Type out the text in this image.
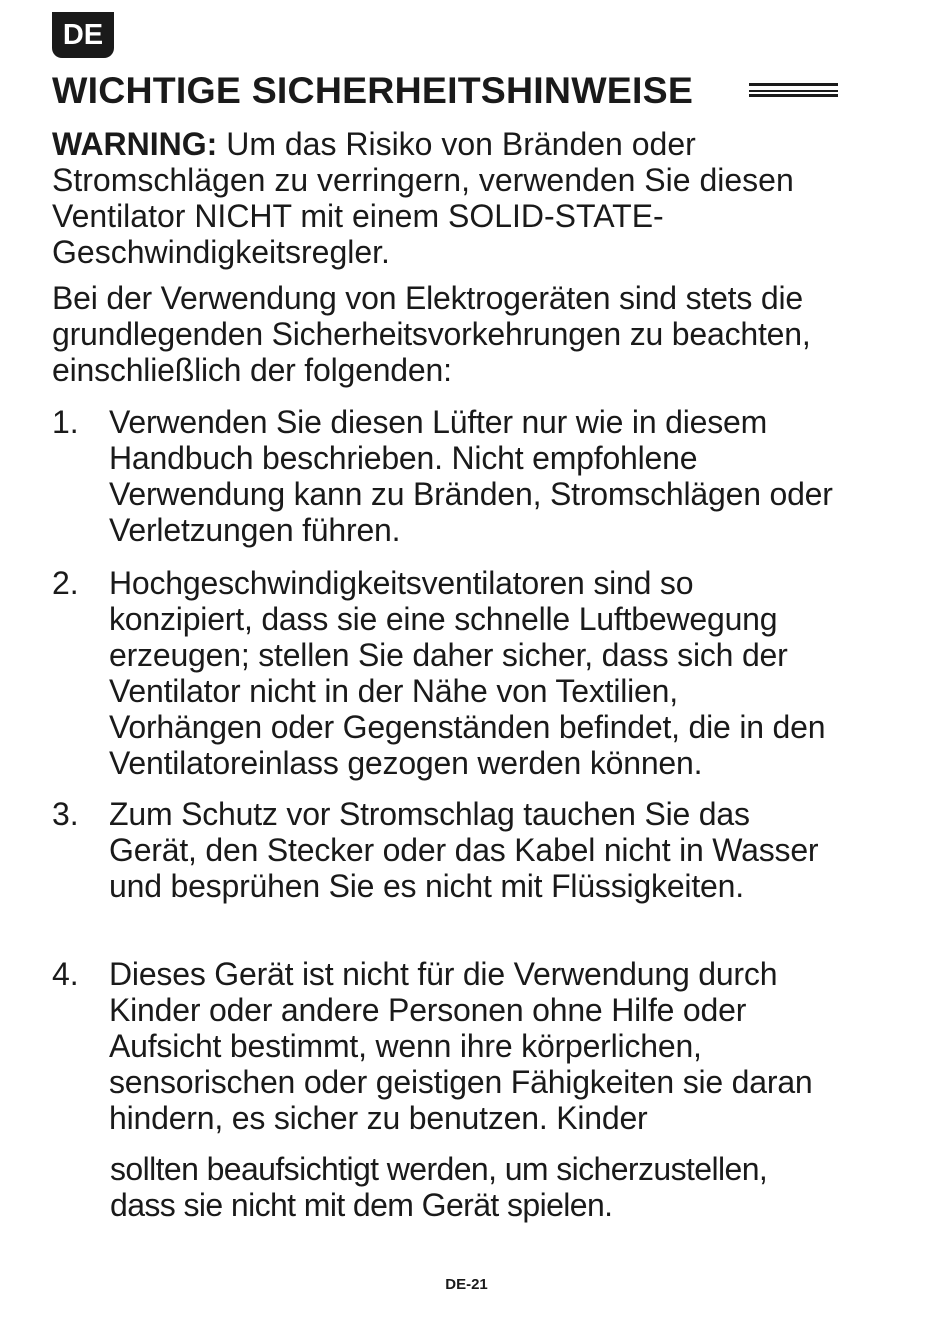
DE
WICHTIGE SICHERHEITSHINWEISE

WARNING: Um das Risiko von Bränden oder Stromschlägen zu verringern, verwenden Sie diesen Ventilator NICHT mit einem SOLID-STATE-Geschwindigkeitsregler.

Bei der Verwendung von Elektrogeräten sind stets die grundlegenden Sicherheitsvorkehrungen zu beachten, einschließlich der folgenden:

1. Verwenden Sie diesen Lüfter nur wie in diesem Handbuch beschrieben. Nicht empfohlene Verwendung kann zu Bränden, Stromschlägen oder Verletzungen führen.
2. Hochgeschwindigkeitsventilatoren sind so konzipiert, dass sie eine schnelle Luftbewegung erzeugen; stellen Sie daher sicher, dass sich der Ventilator nicht in der Nähe von Textilien, Vorhängen oder Gegenständen befindet, die in den Ventilatoreinlass gezogen werden können.
3. Zum Schutz vor Stromschlag tauchen Sie das Gerät, den Stecker oder das Kabel nicht in Wasser und besprühen Sie es nicht mit Flüssigkeiten.
4. Dieses Gerät ist nicht für die Verwendung durch Kinder oder andere Personen ohne Hilfe oder Aufsicht bestimmt, wenn ihre körperlichen, sensorischen oder geistigen Fähigkeiten sie daran hindern, es sicher zu benutzen. Kinder
sollten beaufsichtigt werden, um sicherzustellen, dass sie nicht mit dem Gerät spielen.
DE-21
